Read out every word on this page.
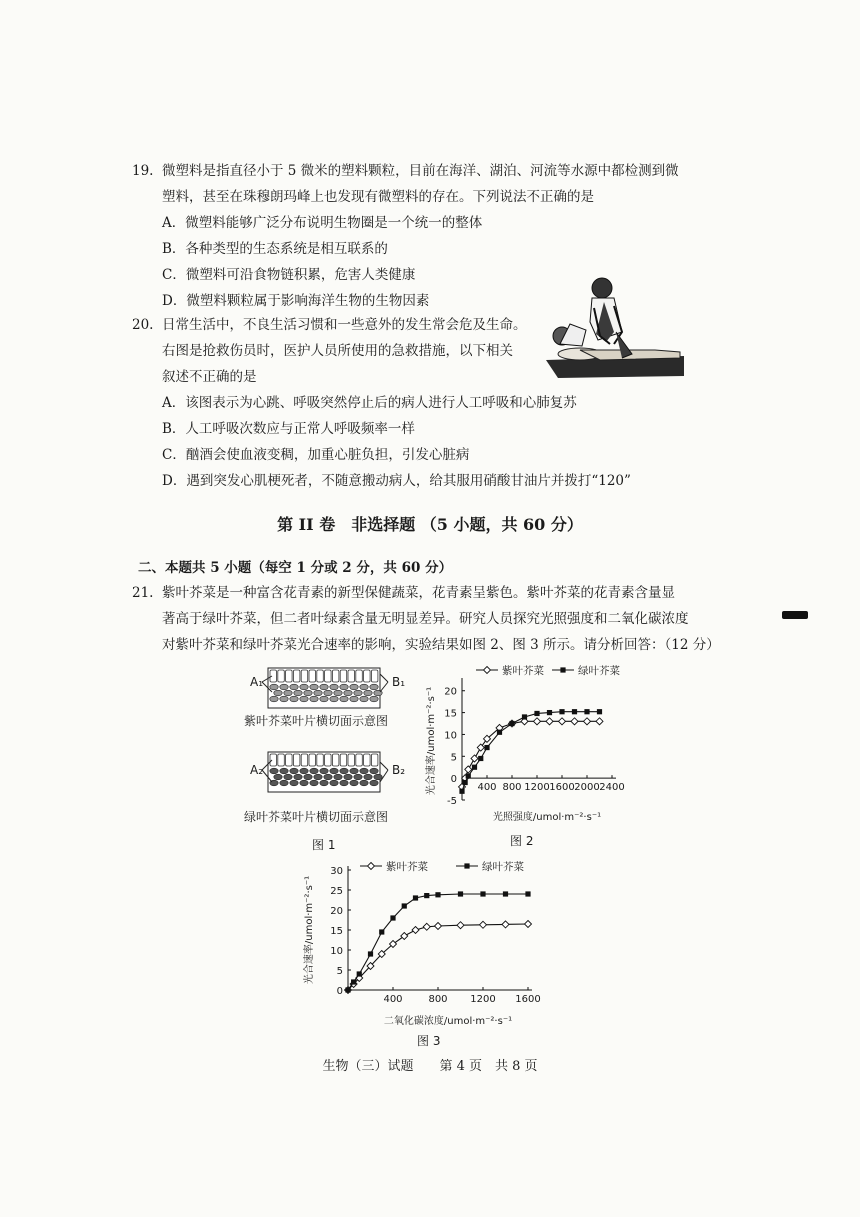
19. 微塑料是指直径小于 5 微米的塑料颗粒，目前在海洋、湖泊、河流等水源中都检测到微
塑料，甚至在珠穆朗玛峰上也发现有微塑料的存在。下列说法不正确的是
A．微塑料能够广泛分布说明生物圈是一个统一的整体
B．各种类型的生态系统是相互联系的
C．微塑料可沿食物链积累，危害人类健康
D．微塑料颗粒属于影响海洋生物的生物因素
20. 日常生活中，不良生活习惯和一些意外的发生常会危及生命。
右图是抢救伤员时，医护人员所使用的急救措施，以下相关
叙述不正确的是
A．该图表示为心跳、呼吸突然停止后的病人进行人工呼吸和心肺复苏
B．人工呼吸次数应与正常人呼吸频率一样
C．酗酒会使血液变稠，加重心脏负担，引发心脏病
D．遇到突发心肌梗死者，不随意搬动病人，给其服用硝酸甘油片并拨打“120”
第 II 卷　非选择题 （5 小题，共 60 分）
二、本题共 5 小题（每空 1 分或 2 分，共 60 分）
21. 紫叶芥菜是一种富含花青素的新型保健蔬菜，花青素呈紫色。紫叶芥菜的花青素含量显
著高于绿叶芥菜，但二者叶绿素含量无明显差异。研究人员探究光照强度和二氧化碳浓度
对紫叶芥菜和绿叶芥菜光合速率的影响，实验结果如图 2、图 3 所示。请分析回答：（12 分）
A₁	B₁
紫叶芥菜叶片横切面示意图
A₂	B₂
绿叶芥菜叶片横切面示意图
图 1
400 800 1200 1600 2000 2400
-5
0
5
10
15
20
光照强度/umol·m⁻²·s⁻¹
光合速率/umol·m⁻²·s⁻¹
紫叶芥菜	绿叶芥菜
图 2
400	800 1200 1600
0
5
10
15
20
25
30
二氧化碳浓度/umol·m⁻²·s⁻¹
光合速率/umol·m⁻²·s⁻¹
紫叶芥菜	绿叶芥菜
图 3
生物（三）试题　　第 4 页　共 8 页
